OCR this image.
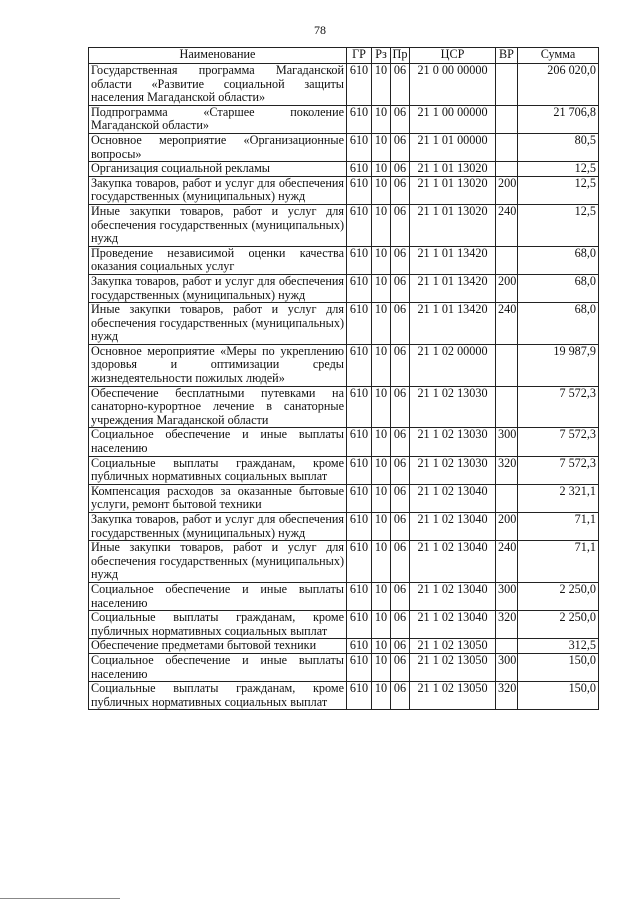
78
Наименование	ГР	Рз	Пр	ЦСР	ВР	Сумма
Государственная программа Магаданской области «Развитие социальной защиты населения Магаданской области»	610	10	06	21 0 00 00000		206 020,0
Подпрограмма «Старшее поколение Магаданской области»	610	10	06	21 1 00 00000		21 706,8
Основное мероприятие «Организационные вопросы»	610	10	06	21 1 01 00000		80,5
Организация социальной рекламы	610	10	06	21 1 01 13020		12,5
Закупка товаров, работ и услуг для обеспечения государственных (муниципальных) нужд	610	10	06	21 1 01 13020	200	12,5
Иные закупки товаров, работ и услуг для обеспечения государственных (муниципальных) нужд	610	10	06	21 1 01 13020	240	12,5
Проведение независимой оценки качества оказания социальных услуг	610	10	06	21 1 01 13420		68,0
Закупка товаров, работ и услуг для обеспечения государственных (муниципальных) нужд	610	10	06	21 1 01 13420	200	68,0
Иные закупки товаров, работ и услуг для обеспечения государственных (муниципальных) нужд	610	10	06	21 1 01 13420	240	68,0
Основное мероприятие «Меры по укреплению здоровья и оптимизации среды жизнедеятельности пожилых людей»	610	10	06	21 1 02 00000		19 987,9
Обеспечение бесплатными путевками на санаторно-курортное лечение в санаторные учреждения Магаданской области	610	10	06	21 1 02 13030		7 572,3
Социальное обеспечение и иные выплаты населению	610	10	06	21 1 02 13030	300	7 572,3
Социальные выплаты гражданам, кроме публичных нормативных социальных выплат	610	10	06	21 1 02 13030	320	7 572,3
Компенсация расходов за оказанные бытовые услуги, ремонт бытовой техники	610	10	06	21 1 02 13040		2 321,1
Закупка товаров, работ и услуг для обеспечения государственных (муниципальных) нужд	610	10	06	21 1 02 13040	200	71,1
Иные закупки товаров, работ и услуг для обеспечения государственных (муниципальных) нужд	610	10	06	21 1 02 13040	240	71,1
Социальное обеспечение и иные выплаты населению	610	10	06	21 1 02 13040	300	2 250,0
Социальные выплаты гражданам, кроме публичных нормативных социальных выплат	610	10	06	21 1 02 13040	320	2 250,0
Обеспечение предметами бытовой техники	610	10	06	21 1 02 13050		312,5
Социальное обеспечение и иные выплаты населению	610	10	06	21 1 02 13050	300	150,0
Социальные выплаты гражданам, кроме публичных нормативных социальных выплат	610	10	06	21 1 02 13050	320	150,0
